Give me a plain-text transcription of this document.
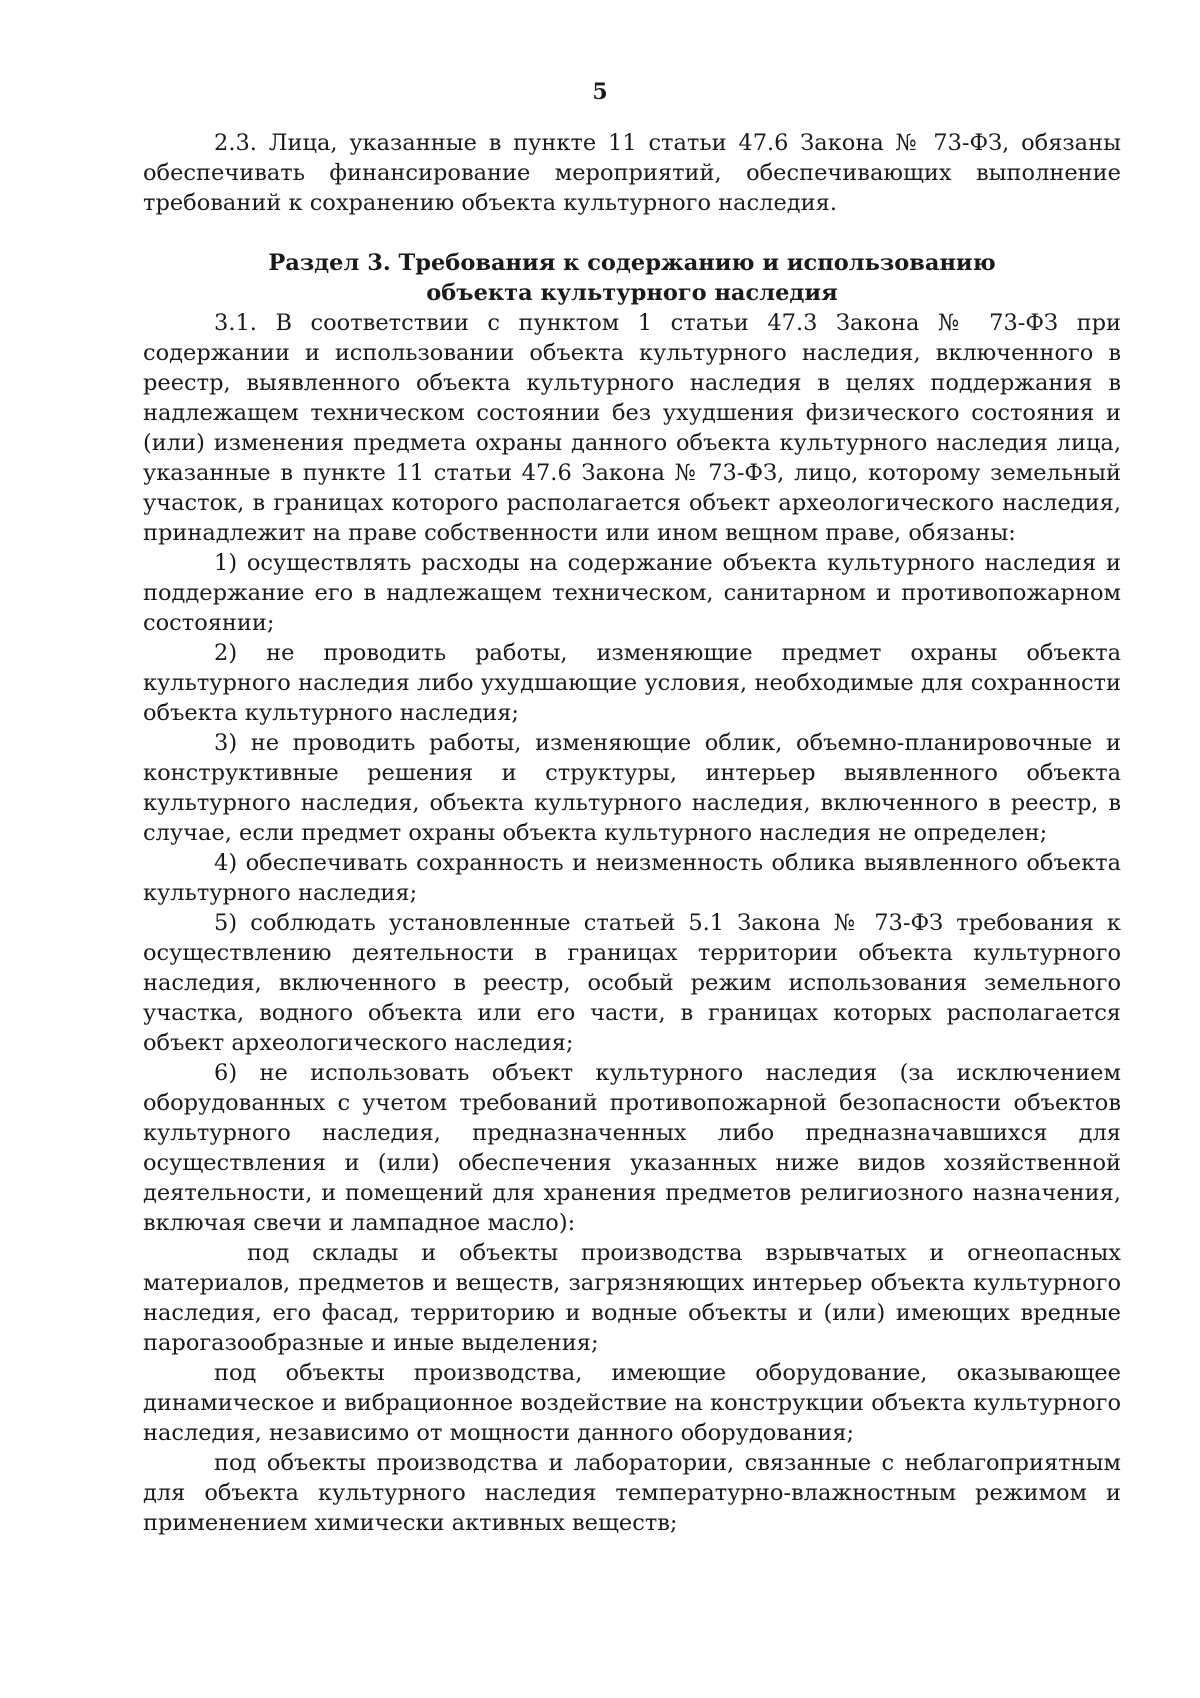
5

2.3. Лица, указанные в пункте 11 статьи 47.6 Закона № 73-ФЗ, обязаны обеспечивать финансирование мероприятий, обеспечивающих выполнение требований к сохранению объекта культурного наследия.

Раздел 3. Требования к содержанию и использованию
объекта культурного наследия

3.1. В соответствии с пунктом 1 статьи 47.3 Закона № 73-ФЗ при содержании и использовании объекта культурного наследия, включенного в реестр, выявленного объекта культурного наследия в целях поддержания в надлежащем техническом состоянии без ухудшения физического состояния и (или) изменения предмета охраны данного объекта культурного наследия лица, указанные в пункте 11 статьи 47.6 Закона № 73-ФЗ, лицо, которому земельный участок, в границах которого располагается объект археологического наследия, принадлежит на праве собственности или ином вещном праве, обязаны:

1) осуществлять расходы на содержание объекта культурного наследия и поддержание его в надлежащем техническом, санитарном и противопожарном состоянии;

2) не проводить работы, изменяющие предмет охраны объекта культурного наследия либо ухудшающие условия, необходимые для сохранности объекта культурного наследия;

3) не проводить работы, изменяющие облик, объемно-планировочные и конструктивные решения и структуры, интерьер выявленного объекта культурного наследия, объекта культурного наследия, включенного в реестр, в случае, если предмет охраны объекта культурного наследия не определен;

4) обеспечивать сохранность и неизменность облика выявленного объекта культурного наследия;

5) соблюдать установленные статьей 5.1 Закона № 73-ФЗ требования к осуществлению деятельности в границах территории объекта культурного наследия, включенного в реестр, особый режим использования земельного участка, водного объекта или его части, в границах которых располагается объект археологического наследия;

6) не использовать объект культурного наследия (за исключением оборудованных с учетом требований противопожарной безопасности объектов культурного наследия, предназначенных либо предназначавшихся для осуществления и (или) обеспечения указанных ниже видов хозяйственной деятельности, и помещений для хранения предметов религиозного назначения, включая свечи и лампадное масло):

под склады и объекты производства взрывчатых и огнеопасных материалов, предметов и веществ, загрязняющих интерьер объекта культурного наследия, его фасад, территорию и водные объекты и (или) имеющих вредные парогазообразные и иные выделения;

под объекты производства, имеющие оборудование, оказывающее динамическое и вибрационное воздействие на конструкции объекта культурного наследия, независимо от мощности данного оборудования;

под объекты производства и лаборатории, связанные с неблагоприятным для объекта культурного наследия температурно-влажностным режимом и применением химически активных веществ;
